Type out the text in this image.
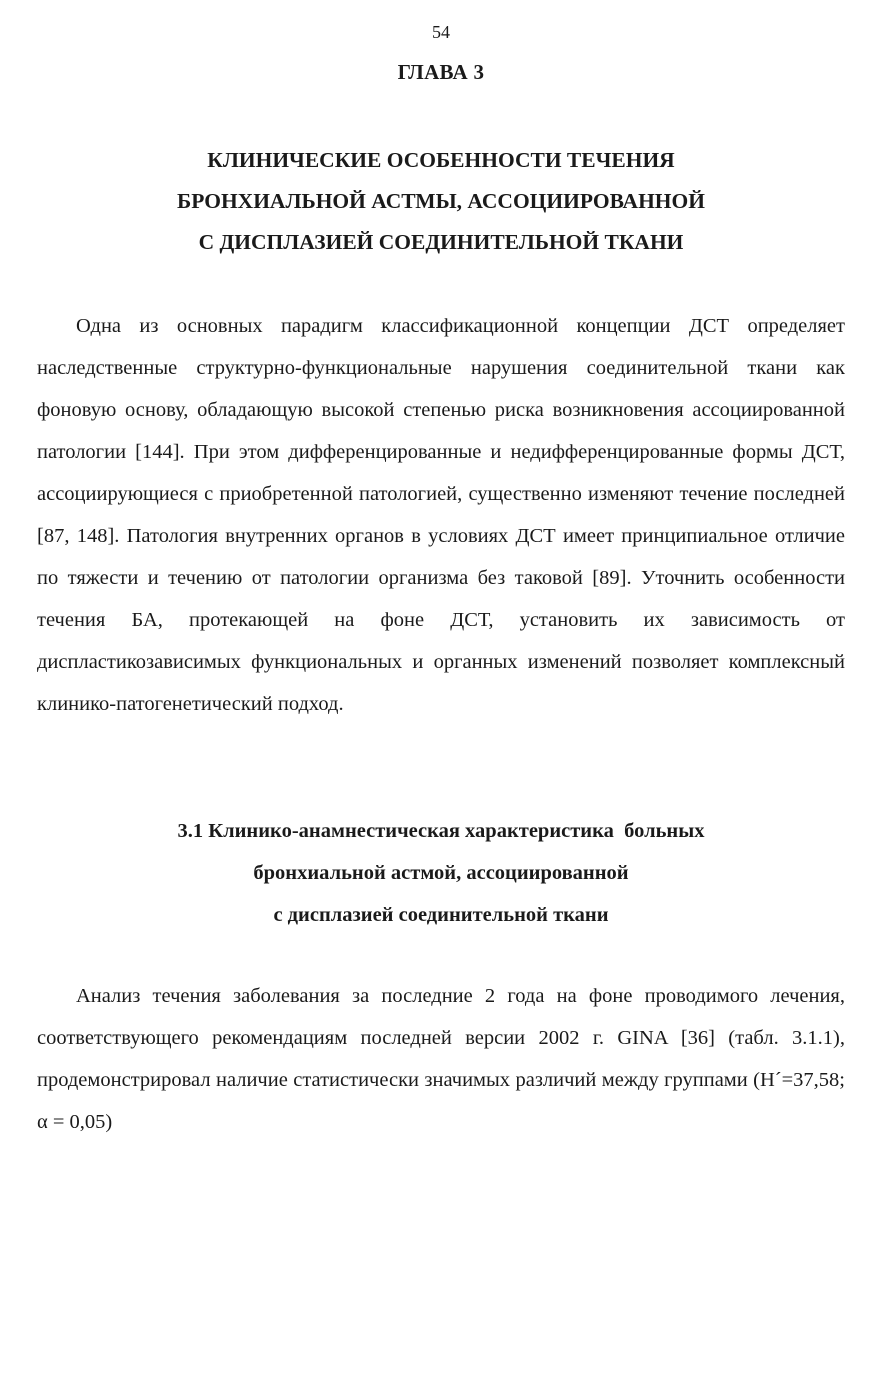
54

ГЛАВА 3
КЛИНИЧЕСКИЕ ОСОБЕННОСТИ ТЕЧЕНИЯ
БРОНХИАЛЬНОЙ АСТМЫ, АССОЦИИРОВАННОЙ
С ДИСПЛАЗИЕЙ СОЕДИНИТЕЛЬНОЙ ТКАНИ

Одна из основных парадигм классификационной концепции ДСТ определяет наследственные структурно-функциональные нарушения соединительной ткани как фоновую основу, обладающую высокой степенью риска возникновения ассоциированной патологии [144]. При этом дифференцированные и недифференцированные формы ДСТ, ассоциирующиеся с приобретенной патологией, существенно изменяют течение последней [87, 148]. Патология внутренних органов в условиях ДСТ имеет принципиальное отличие по тяжести и течению от патологии организма без таковой [89]. Уточнить особенности течения БА, протекающей на фоне ДСТ, установить их зависимость от диспластикозависимых функциональных и органных изменений позволяет комплексный клинико-патогенетический подход.

3.1 Клинико-анамнестическая характеристика  больных
бронхиальной астмой, ассоциированной
с дисплазией соединительной ткани

Анализ течения заболевания за последние 2 года на фоне проводимого лечения, соответствующего рекомендациям последней версии 2002 г. GINA [36] (табл. 3.1.1), продемонстрировал наличие статистически значимых различий между группами (Н´=37,58; α = 0,05)
